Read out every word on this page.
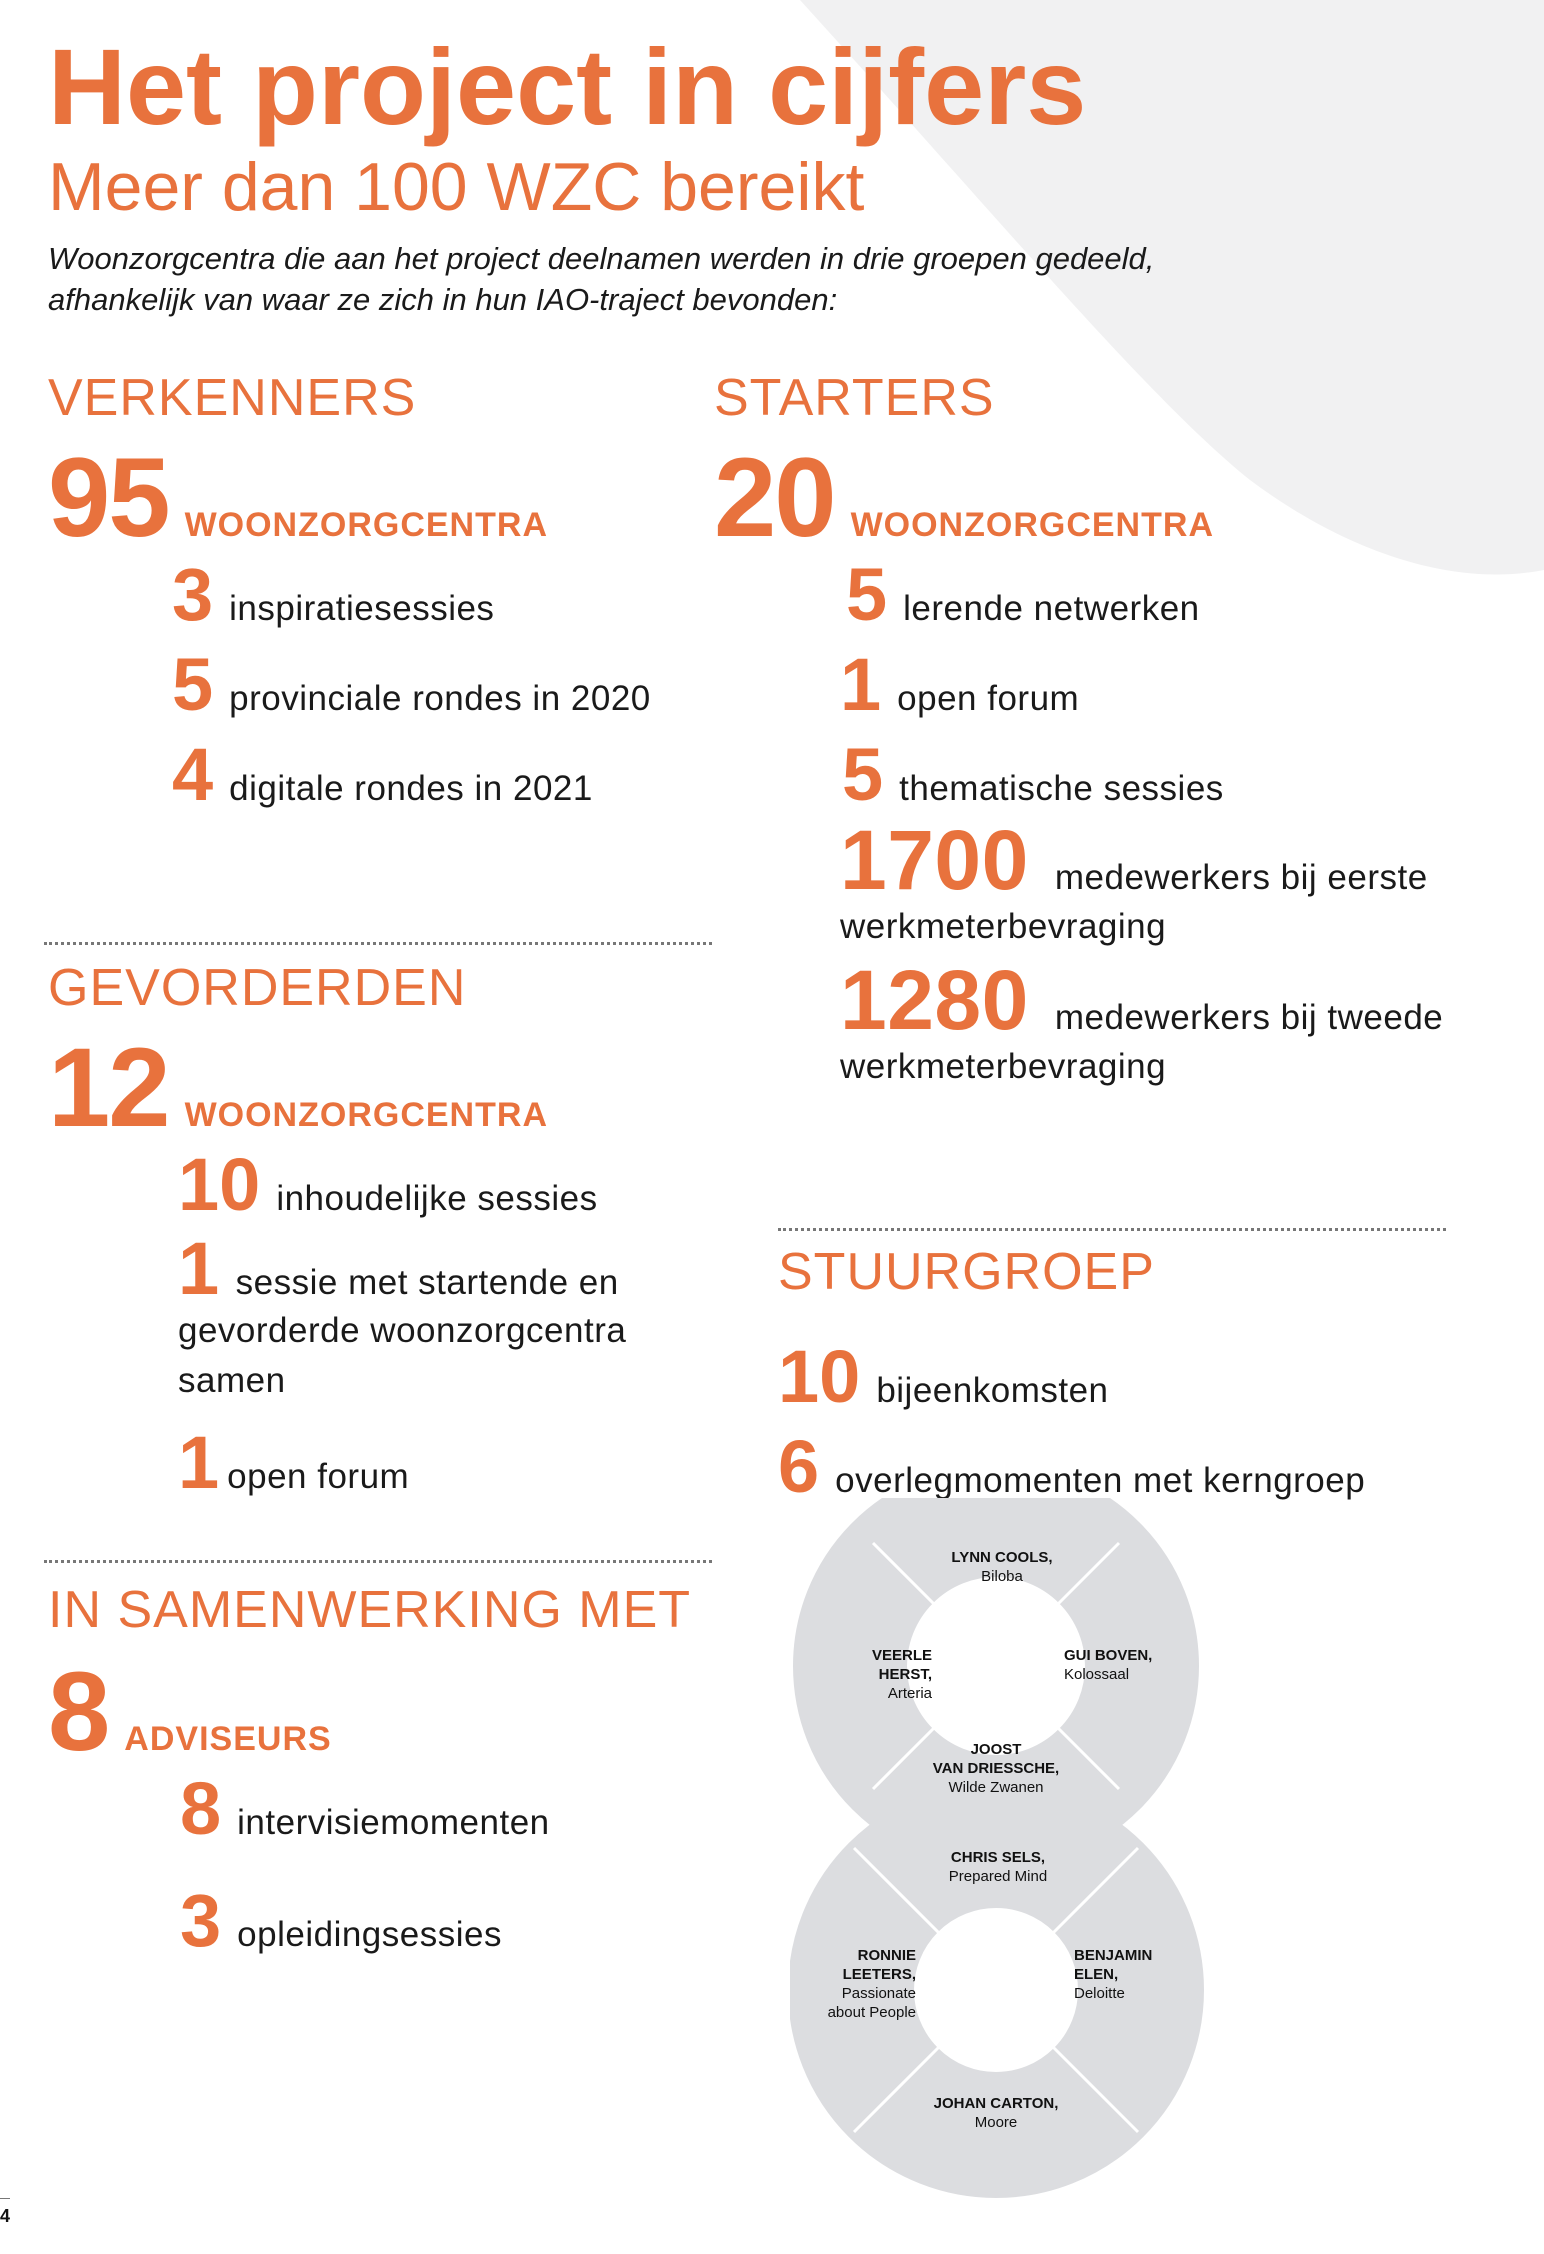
Het project in cijfers
Meer dan 100 WZC bereikt
Woonzorgcentra die aan het project deelnamen werden in drie groepen gedeeld,
afhankelijk van waar ze zich in hun IAO-traject bevonden:
VERKENNERS
95 WOONZORGCENTRA
3 inspiratiesessies
5 provinciale rondes in 2020
4 digitale rondes in 2021
STARTERS
20 WOONZORGCENTRA
5 lerende netwerken
1 open forum
5 thematische sessies
1700 medewerkers bij eerste
werkmeterbevraging
1280 medewerkers bij tweede
werkmeterbevraging
GEVORDERDEN
12 WOONZORGCENTRA
10 inhoudelijke sessies
1 sessie met startende en
gevorderde woonzorgcentra
samen
1 open forum
STUURGROEP
10 bijeenkomsten
6 overlegmomenten met kerngroep
IN SAMENWERKING MET
8 ADVISEURS
8 intervisiemomenten
3 opleidingsessies
LYNN COOLS,
Biloba
GUI BOVEN,
Kolossaal
VEERLE
HERST,
Arteria
JOOST
VAN DRIESSCHE,
Wilde Zwanen
CHRIS SELS,
Prepared Mind
RONNIE
LEETERS,
Passionate
about People
BENJAMIN
ELEN,
Deloitte
JOHAN CARTON,
Moore
4
